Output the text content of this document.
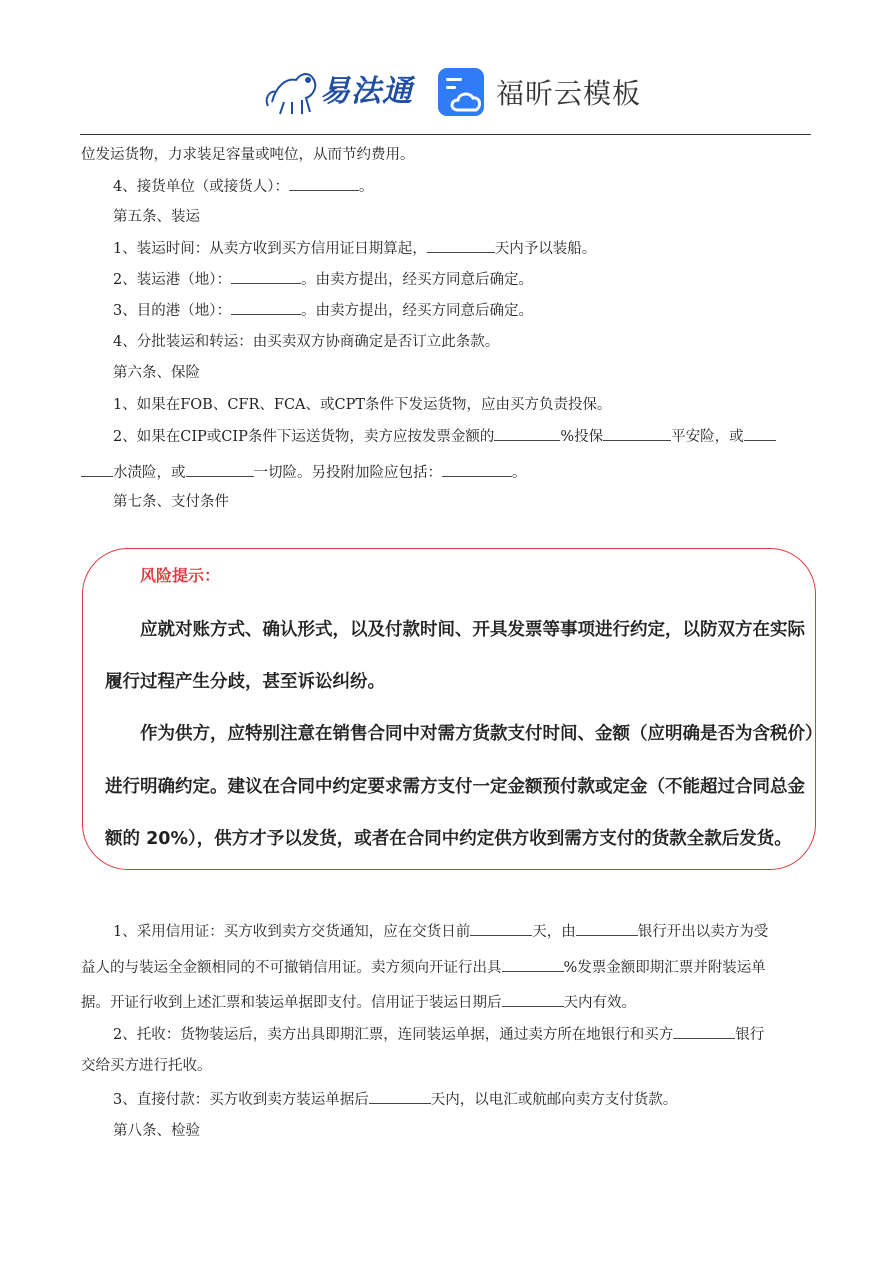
易法通	福昕云模板
位发运货物，力求装足容量或吨位，从而节约费用。
4、接货单位（或接货人）：	。
第五条、装运
1、装运时间：从卖方收到买方信用证日期算起，	天内予以装船。
2、装运港（地）：	。由卖方提出，经买方同意后确定。
3、目的港（地）：	。由卖方提出，经买方同意后确定。
4、分批装运和转运：由买卖双方协商确定是否订立此条款。
第六条、保险
1、如果在FOB、CFR、FCA、或CPT条件下发运货物，应由买方负责投保。
2、如果在CIP或CIP条件下运送货物，卖方应按发票金额的	%投保	平安险，或
水渍险，或	一切险。另投附加险应包括：	。
第七条、支付条件
风险提示：
应就对账方式、确认形式，以及付款时间、开具发票等事项进行约定，以防双方在实际
履行过程产生分歧，甚至诉讼纠纷。
作为供方，应特别注意在销售合同中对需方货款支付时间、金额（应明确是否为含税价）
进行明确约定。建议在合同中约定要求需方支付一定金额预付款或定金（不能超过合同总金
额的 20%），供方才予以发货，或者在合同中约定供方收到需方支付的货款全款后发货。
1、采用信用证：买方收到卖方交货通知，应在交货日前	天，由	银行开出以卖方为受
益人的与装运全金额相同的不可撤销信用证。卖方须向开证行出具	%发票金额即期汇票并附装运单
据。开证行收到上述汇票和装运单据即支付。信用证于装运日期后	天内有效。
2、托收：货物装运后，卖方出具即期汇票，连同装运单据，通过卖方所在地银行和买方	银行
交给买方进行托收。
3、直接付款：买方收到卖方装运单据后	天内，以电汇或航邮向卖方支付货款。
第八条、检验
